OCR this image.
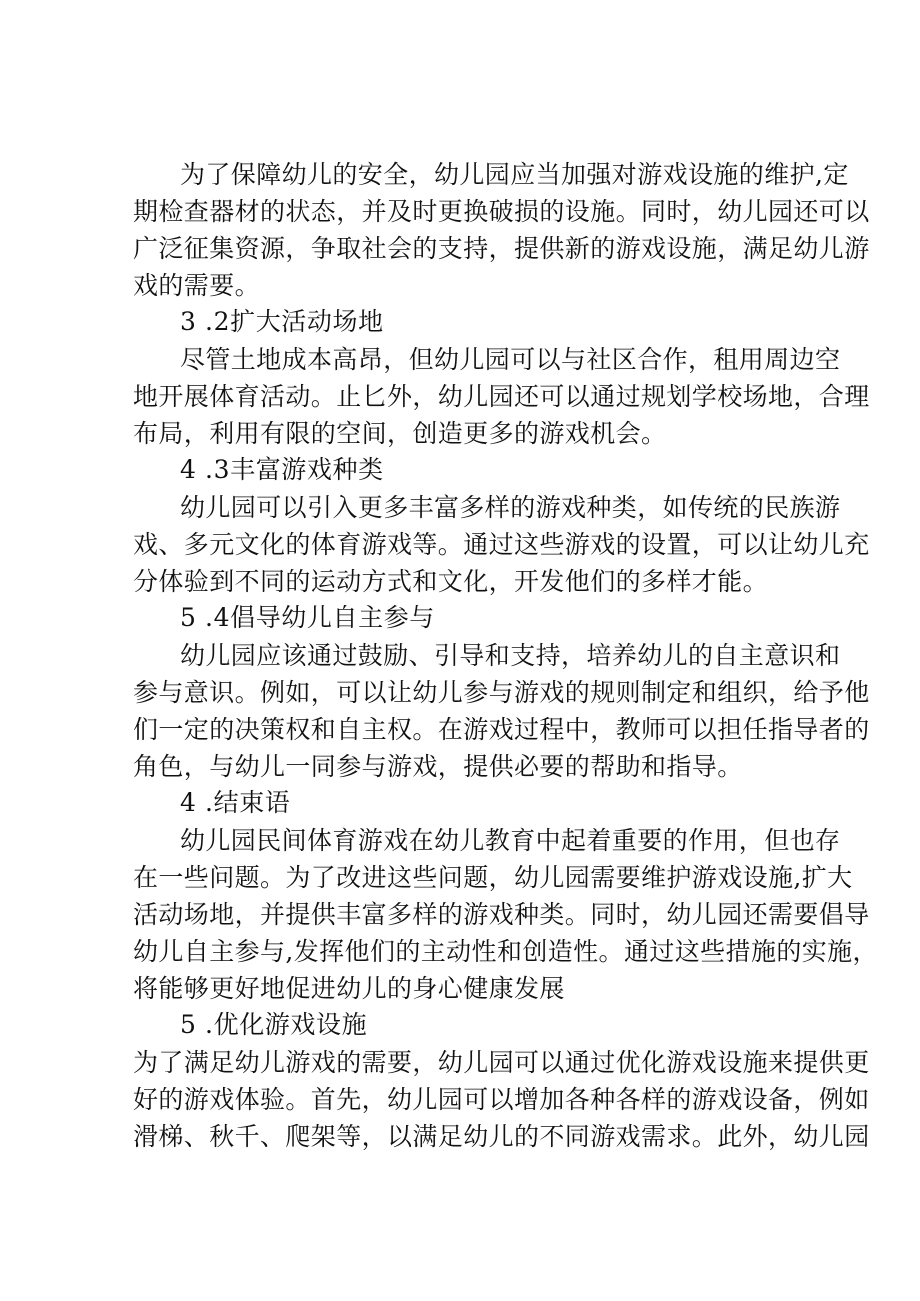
为了保障幼儿的安全，幼儿园应当加强对游戏设施的维护,定
期检查器材的状态，并及时更换破损的设施。同时，幼儿园还可以
广泛征集资源，争取社会的支持，提供新的游戏设施，满足幼儿游
戏的需要。
3 .2扩大活动场地
尽管土地成本高昂，但幼儿园可以与社区合作，租用周边空
地开展体育活动。止匕外，幼儿园还可以通过规划学校场地，合理
布局，利用有限的空间，创造更多的游戏机会。
4 .3丰富游戏种类
幼儿园可以引入更多丰富多样的游戏种类，如传统的民族游
戏、多元文化的体育游戏等。通过这些游戏的设置，可以让幼儿充
分体验到不同的运动方式和文化，开发他们的多样才能。
5 .4倡导幼儿自主参与
幼儿园应该通过鼓励、引导和支持，培养幼儿的自主意识和
参与意识。例如，可以让幼儿参与游戏的规则制定和组织，给予他
们一定的决策权和自主权。在游戏过程中，教师可以担任指导者的
角色，与幼儿一同参与游戏，提供必要的帮助和指导。
4 .结束语
幼儿园民间体育游戏在幼儿教育中起着重要的作用，但也存
在一些问题。为了改进这些问题，幼儿园需要维护游戏设施,扩大
活动场地，并提供丰富多样的游戏种类。同时，幼儿园还需要倡导
幼儿自主参与,发挥他们的主动性和创造性。通过这些措施的实施，
将能够更好地促进幼儿的身心健康发展
5 .优化游戏设施
为了满足幼儿游戏的需要，幼儿园可以通过优化游戏设施来提供更
好的游戏体验。首先，幼儿园可以增加各种各样的游戏设备，例如
滑梯、秋千、爬架等，以满足幼儿的不同游戏需求。此外，幼儿园
